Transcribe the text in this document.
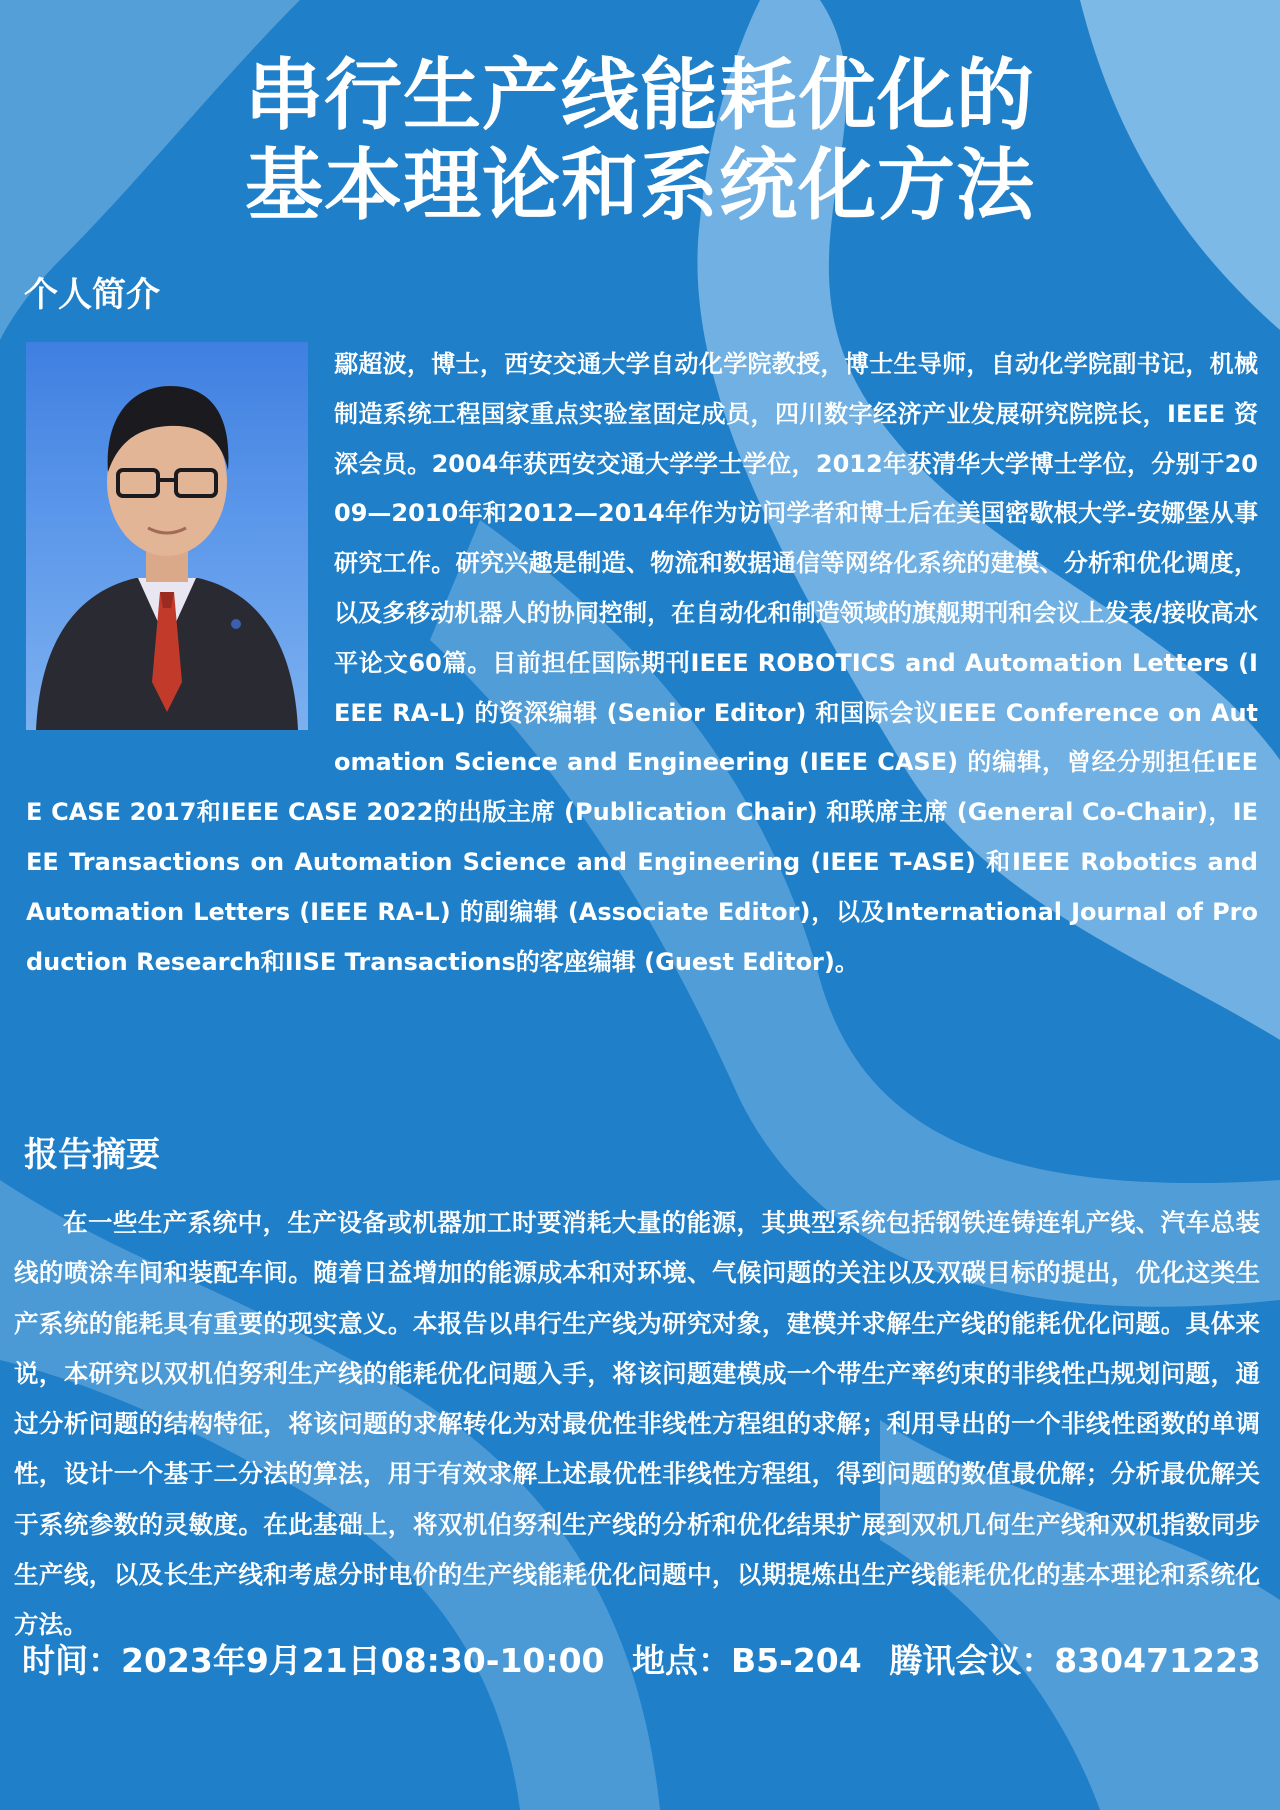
串行生产线能耗优化的
基本理论和系统化方法
个人简介
鄢超波，博士，西安交通大学自动化学院教授，博士生导师，自动化学院副书记，机械制造系统工程国家重点实验室固定成员，四川数字经济产业发展研究院院长，IEEE 资深会员。2004年获西安交通大学学士学位，2012年获清华大学博士学位，分别于2009—2010年和2012—2014年作为访问学者和博士后在美国密歇根大学-安娜堡从事研究工作。研究兴趣是制造、物流和数据通信等网络化系统的建模、分析和优化调度，以及多移动机器人的协同控制，在自动化和制造领域的旗舰期刊和会议上发表/接收高水平论文60篇。目前担任国际期刊IEEE ROBOTICS and Automation Letters (IEEE RA-L) 的资深编辑 (Senior Editor) 和国际会议IEEE Conference on Automation Science and Engineering (IEEE CASE) 的编辑，曾经分别担任IEEE CASE 2017和IEEE CASE 2022的出版主席 (Publication Chair) 和联席主席 (General Co-Chair)，IEEE Transactions on Automation Science and Engineering (IEEE T-ASE) 和IEEE Robotics and Automation Letters (IEEE RA-L) 的副编辑 (Associate Editor)，以及International Journal of Production Research和IISE Transactions的客座编辑 (Guest Editor)。
报告摘要
在一些生产系统中，生产设备或机器加工时要消耗大量的能源，其典型系统包括钢铁连铸连轧产线、汽车总装线的喷涂车间和装配车间。随着日益增加的能源成本和对环境、气候问题的关注以及双碳目标的提出，优化这类生产系统的能耗具有重要的现实意义。本报告以串行生产线为研究对象，建模并求解生产线的能耗优化问题。具体来说，本研究以双机伯努利生产线的能耗优化问题入手，将该问题建模成一个带生产率约束的非线性凸规划问题，通过分析问题的结构特征，将该问题的求解转化为对最优性非线性方程组的求解；利用导出的一个非线性函数的单调性，设计一个基于二分法的算法，用于有效求解上述最优性非线性方程组，得到问题的数值最优解；分析最优解关于系统参数的灵敏度。在此基础上，将双机伯努利生产线的分析和优化结果扩展到双机几何生产线和双机指数同步生产线，以及长生产线和考虑分时电价的生产线能耗优化问题中，以期提炼出生产线能耗优化的基本理论和系统化方法。
时间：2023年9月21日08:30-10:00 地点：B5-204 腾讯会议：830471223
